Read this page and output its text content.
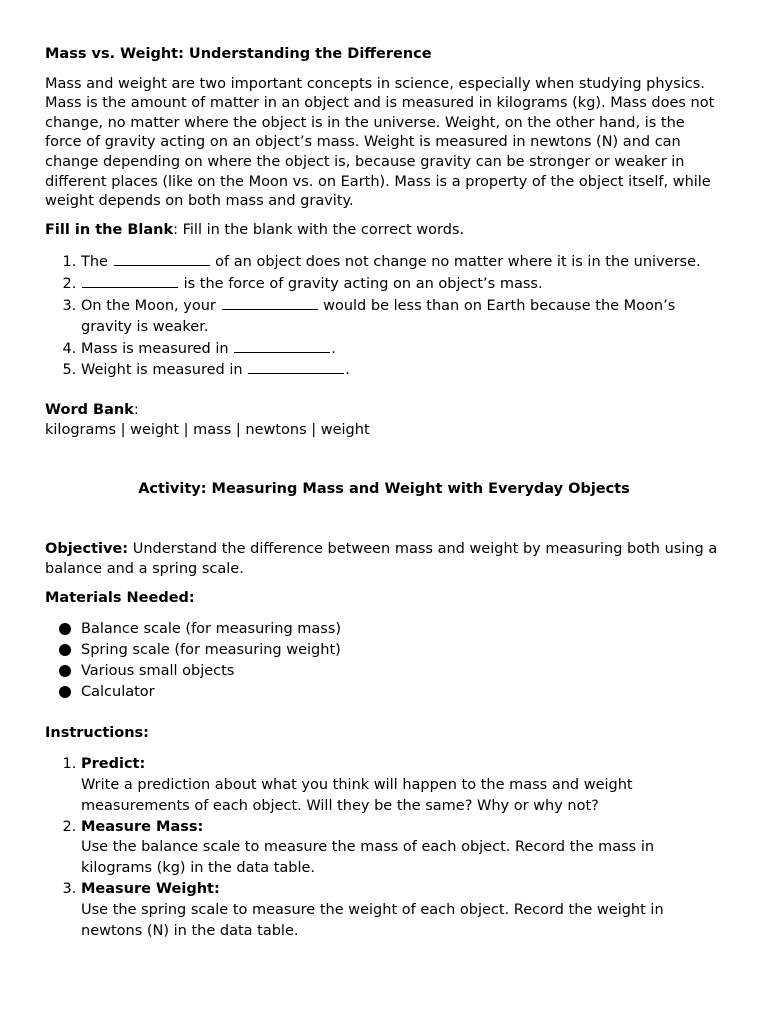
Mass vs. Weight: Understanding the Difference

Mass and weight are two important concepts in science, especially when studying physics. Mass is the amount of matter in an object and is measured in kilograms (kg). Mass does not change, no matter where the object is in the universe. Weight, on the other hand, is the force of gravity acting on an object’s mass. Weight is measured in newtons (N) and can change depending on where the object is, because gravity can be stronger or weaker in different places (like on the Moon vs. on Earth). Mass is a property of the object itself, while weight depends on both mass and gravity.

Fill in the Blank: Fill in the blank with the correct words.

1. The	of an object does not change no matter where it is in the universe.
2. is the force of gravity acting on an object’s mass.
3. On the Moon, your	would be less than on Earth because the Moon’s gravity is weaker.
4. Mass is measured in	.
5. Weight is measured in	.

Word Bank:

kilograms | weight | mass | newtons | weight

Activity: Measuring Mass and Weight with Everyday Objects

Objective: Understand the difference between mass and weight by measuring both using a balance and a spring scale.

Materials Needed:

Balance scale (for measuring mass)
Spring scale (for measuring weight)
Various small objects
Calculator

Instructions:

1. Predict:
Write a prediction about what you think will happen to the mass and weight measurements of each object. Will they be the same? Why or why not?
2. Measure Mass:
Use the balance scale to measure the mass of each object. Record the mass in kilograms (kg) in the data table.
3. Measure Weight:
Use the spring scale to measure the weight of each object. Record the weight in newtons (N) in the data table.
